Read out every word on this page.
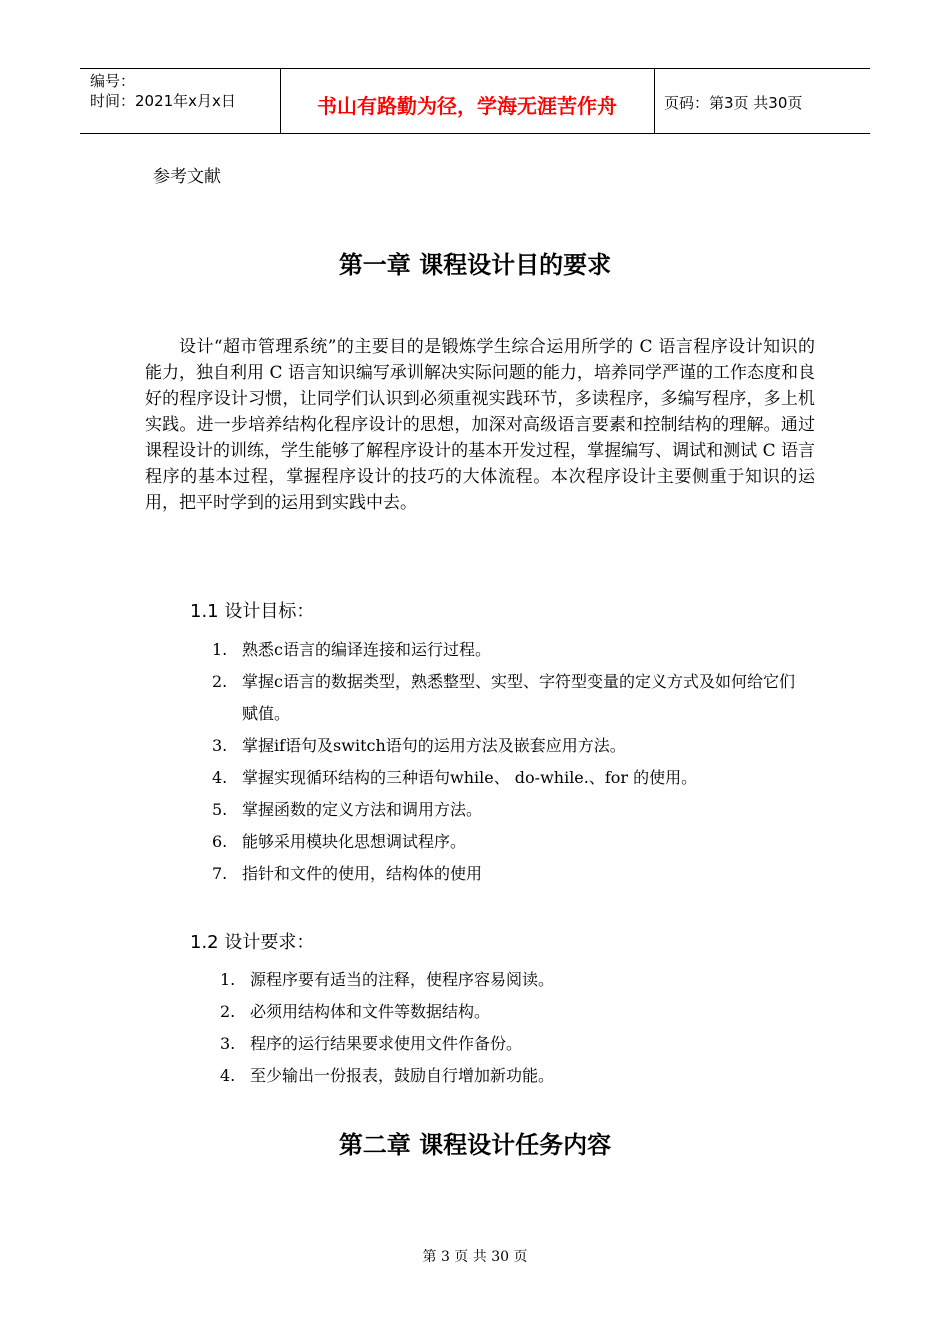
编号：
时间：2021年x月x日	书山有路勤为径，学海无涯苦作舟	页码：第3页 共30页
参考文献
第一章 课程设计目的要求
设计“超市管理系统”的主要目的是锻炼学生综合运用所学的 C 语言程序设计知识的能力，独自利用 C 语言知识编写承训解决实际问题的能力，培养同学严谨的工作态度和良好的程序设计习惯，让同学们认识到必须重视实践环节，多读程序，多编写程序，多上机实践。进一步培养结构化程序设计的思想，加深对高级语言要素和控制结构的理解。通过课程设计的训练，学生能够了解程序设计的基本开发过程，掌握编写、调试和测试 C 语言程序的基本过程，掌握程序设计的技巧的大体流程。本次程序设计主要侧重于知识的运用，把平时学到的运用到实践中去。
1.1 设计目标：
1. 熟悉c语言的编译连接和运行过程。
2. 掌握c语言的数据类型，熟悉整型、实型、字符型变量的定义方式及如何给它们赋值。
3. 掌握if语句及switch语句的运用方法及嵌套应用方法。
4. 掌握实现循环结构的三种语句while、 do-while.、for 的使用。
5. 掌握函数的定义方法和调用方法。
6. 能够采用模块化思想调试程序。
7. 指针和文件的使用，结构体的使用
1.2 设计要求：
1. 源程序要有适当的注释，使程序容易阅读。
2. 必须用结构体和文件等数据结构。
3. 程序的运行结果要求使用文件作备份。
4. 至少输出一份报表，鼓励自行增加新功能。
第二章 课程设计任务内容
第 3 页 共 30 页
